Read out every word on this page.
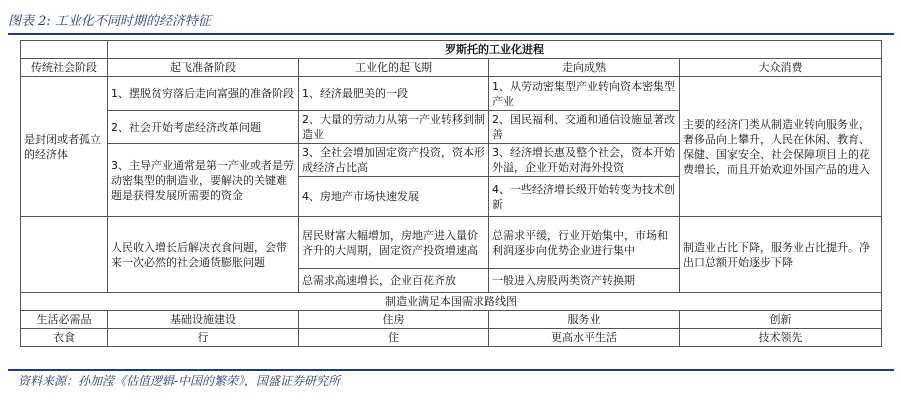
图表 2: 工业化不同时期的经济特征
	罗斯托的工业化进程			
传统社会阶段	起飞准备阶段	工业化的起飞期	走向成熟	大众消费
是封闭或者孤立的经济体	1、摆脱贫穷落后走向富强的准备阶段	1、经济最肥美的一段	1、从劳动密集型产业转向资本密集型产业	主要的经济门类从制造业转向服务业，奢侈品向上攀升，人民在休闲、教育、保健、国家安全、社会保障项目上的花费增长，而且开始欢迎外国产品的进入
	2、社会开始考虑经济改革问题	2、大量的劳动力从第一产业转移到制造业	2、国民福利、交通和通信设施显著改善	
	3、主导产业通常是第一产业或者是劳动密集型的制造业，要解决的关键难题是获得发展所需要的资金	3、全社会增加固定资产投资，资本形成经济占比高	3、经济增长惠及整个社会，资本开始外溢，企业开始对海外投资	
		4、房地产市场快速发展	4、一些经济增长级开始转变为技术创新	
	人民收入增长后解决衣食问题，会带来一次必然的社会通货膨胀问题	居民财富大幅增加，房地产进入量价齐升的大周期，固定资产投资增速高	总需求平缓，行业开始集中，市场和利润逐步向优势企业进行集中	制造业占比下降，服务业占比提升。净出口总额开始逐步下降
		总需求高速增长，企业百花齐放	一般进入房股两类资产转换期	
制造业满足本国需求路线图				
生活必需品	基础设施建设	住房	服务业	创新
衣食	行	住	更高水平生活	技术领先
资料来源：孙加滢《估值逻辑-中国的繁荣》，国盛证券研究所
